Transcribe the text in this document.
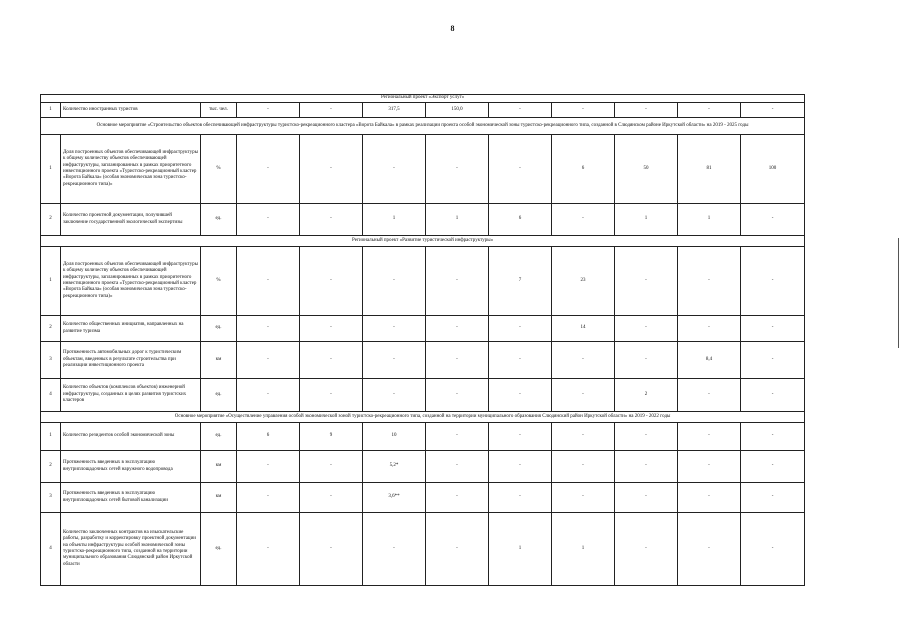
8
Региональный проект «Экспорт услуг»											
1	Количество иностранных туристов	тыс. чел.	-	-	317,5	150,0	-	-	-	-	-
Основное мероприятие «Строительство объектов обеспечивающей инфраструктуры туристско-рекреационного кластера «Ворота Байкала» в рамках реализации проекта особой экономической зоны туристско-рекреационного типа, созданной в Слюдянском районе Иркутской области» на 2019 - 2025 годы											
1	Доля построенных объектов обеспечивающей инфраструктуры к общему количеству объектов обеспечивающей инфраструктуры, запланированных в рамках приоритетного инвестиционного проекта «Туристско-рекреационный кластер «Ворота Байкала» (особая экономическая зона туристско-рекреационного типа)»	%	-	-	-	-	-	6	50	81	100
2	Количество проектной документации, получившей заключение государственной экологической экспертизы	ед.	-	-	1	1	6	-	1	1	-
Региональный проект «Развитие туристической инфраструктуры»											
1	Доля построенных объектов обеспечивающей инфраструктуры к общему количеству объектов обеспечивающей инфраструктуры, запланированных в рамках приоритетного инвестиционного проекта «Туристско-рекреационный кластер «Ворота Байкала» (особая экономическая зона туристско-рекреационного типа)»	%	-	-	-	-	7	23	-	-	-
2	Количество общественных инициатив, направленных на развитие туризма	ед.	-	-	-	-	-	14	-	-	-
3	Протяженность автомобильных дорог к туристическим объектам, введенных в результате строительства при реализации инвестиционного проекта	км	-	-	-	-	-	-	-	8,4	-
4	Количество объектов (комплексов объектов) инженерной инфраструктуры, созданных в целях развития туристских кластеров	ед.	-	-	-	-	-	-	2	-	-
Основное мероприятие «Осуществление управления особой экономической зоной туристско-рекреационного типа, созданной на территории муниципального образования Слюдянский район Иркутской области» на 2019 - 2022 годы											
1	Количество резидентов особой экономической зоны	ед.	6	9	10	-	-	-	-	-	-
2	Протяженность введенных в эксплуатацию внутриплощадочных сетей наружного водопровода	км	-	-	5,2*	-	-	-	-	-	-
3	Протяженность введенных в эксплуатацию внутриплощадочных сетей бытовой канализации	км	-	-	3,6**	-	-	-	-	-	-
4	Количество заключенных контрактов на изыскательские работы, разработку и корректировку проектной документации на объекты инфраструктуры особой экономической зоны туристско-рекреационного типа, созданной на территории муниципального образования Слюдянский район Иркутской области	ед.	-	-	-	-	1	1	-	-	-
